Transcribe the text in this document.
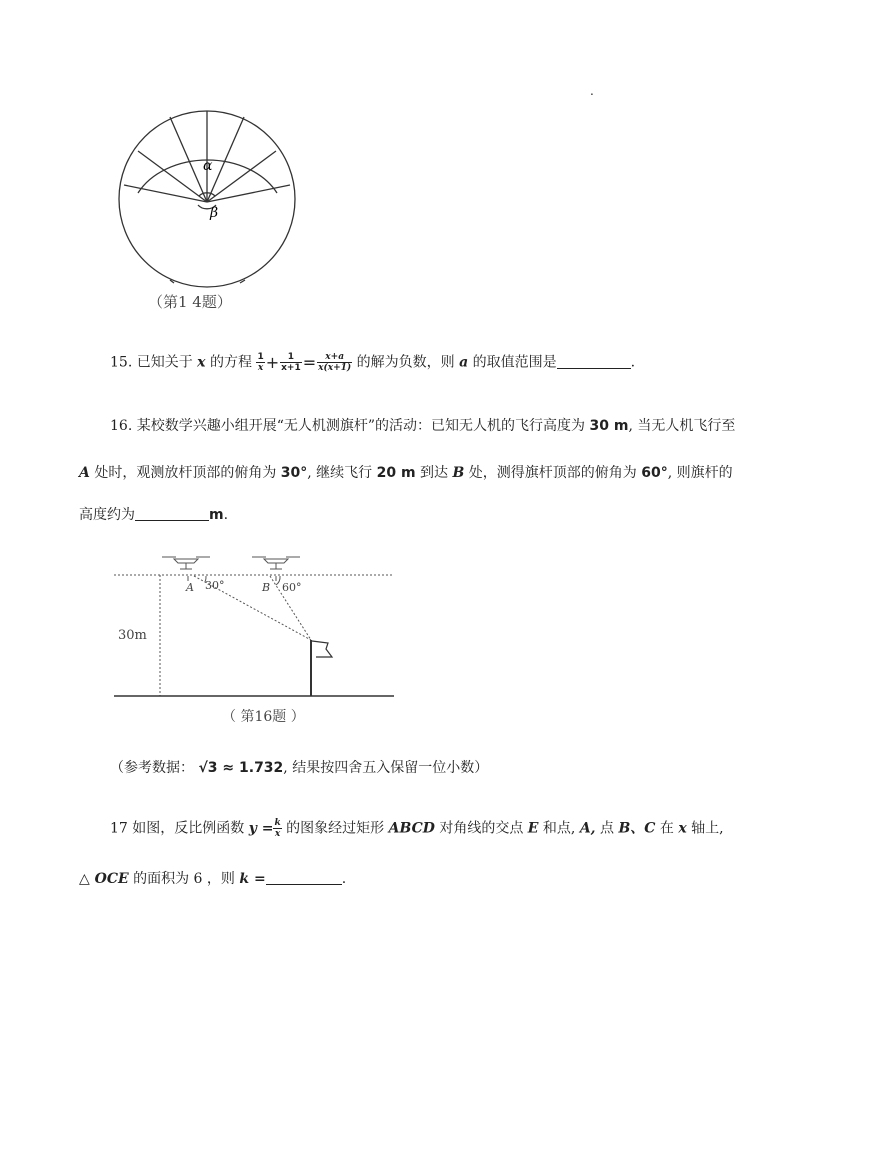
.
α
β
（第1 4题）
15. 已知关于 x 的方程 $\frac{1}{x} + \frac{1}{x+1} = \frac{x+a}{x(x+1)}$ 的解为负数，则 a 的取值范围是	.
16. 某校数学兴趣小组开展“无人机测旗杆”的活动：已知无人机的飞行高度为 30 m, 当无人机飞行至
A 处时，观测放杆顶部的俯角为 30°, 继续飞行 20 m 到达 B 处，测得旗杆顶部的俯角为 60°, 则旗杆的
高度约为	m.
A 30°	B 60°
30m
（ 第16题 ）
（参考数据： √3 ≈ 1.732, 结果按四舍五入保留一位小数）
17 如图，反比例函数 $y = \frac{k}{x}$ 的图象经过矩形 ABCD 对角线的交点 E 和点, A, 点 B、C 在 x 轴上,
△ OCE 的面积为 6 ，则 k =	.
